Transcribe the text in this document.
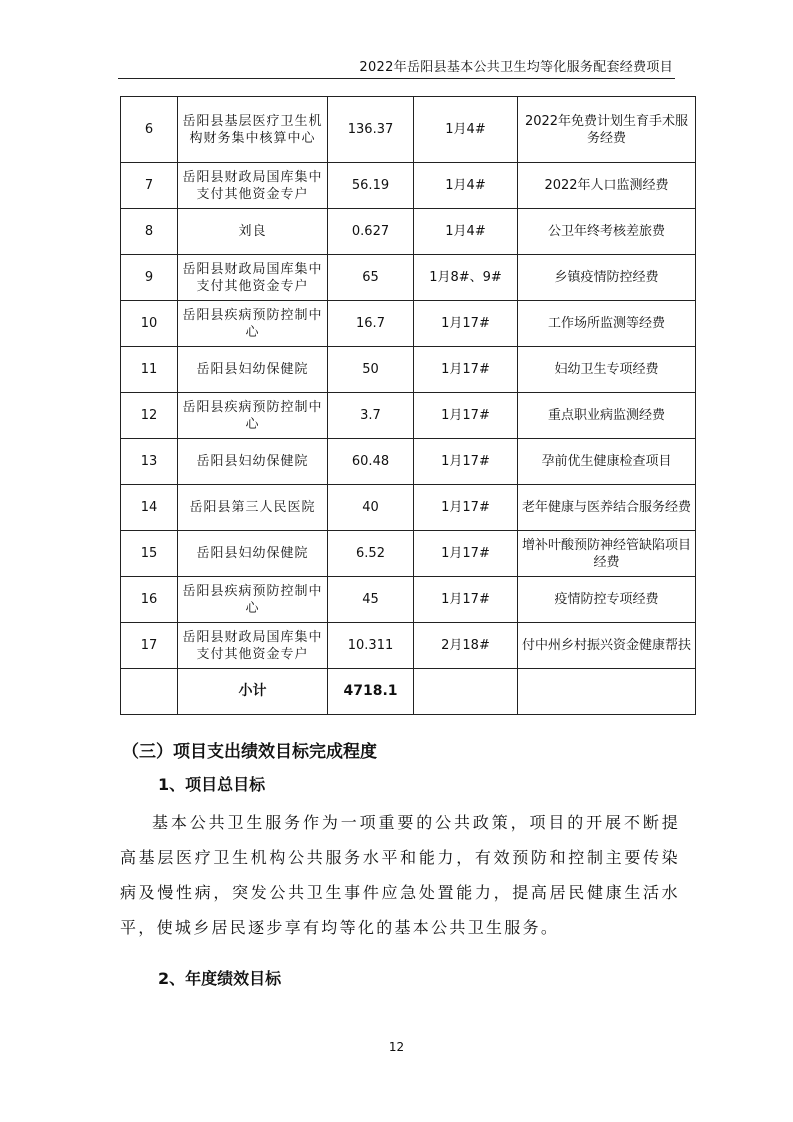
2022年岳阳县基本公共卫生均等化服务配套经费项目
6	岳阳县基层医疗卫生机构财务集中核算中心	136.37	1月4#	2022年免费计划生育手术服务经费
7	岳阳县财政局国库集中支付其他资金专户	56.19	1月4#	2022年人口监测经费
8	刘良	0.627	1月4#	公卫年终考核差旅费
9	岳阳县财政局国库集中支付其他资金专户	65	1月8#、9#	乡镇疫情防控经费
10	岳阳县疾病预防控制中心	16.7	1月17#	工作场所监测等经费
11	岳阳县妇幼保健院	50	1月17#	妇幼卫生专项经费
12	岳阳县疾病预防控制中心	3.7	1月17#	重点职业病监测经费
13	岳阳县妇幼保健院	60.48	1月17#	孕前优生健康检查项目
14	岳阳县第三人民医院	40	1月17#	老年健康与医养结合服务经费
15	岳阳县妇幼保健院	6.52	1月17#	增补叶酸预防神经管缺陷项目经费
16	岳阳县疾病预防控制中心	45	1月17#	疫情防控专项经费
17	岳阳县财政局国库集中支付其他资金专户	10.311	2月18#	付中州乡村振兴资金健康帮扶
	小计	4718.1		
（三）项目支出绩效目标完成程度
1、项目总目标
基本公共卫生服务作为一项重要的公共政策，项目的开展不断提高基层医疗卫生机构公共服务水平和能力，有效预防和控制主要传染病及慢性病，突发公共卫生事件应急处置能力，提高居民健康生活水平，使城乡居民逐步享有均等化的基本公共卫生服务。
2、年度绩效目标
12
